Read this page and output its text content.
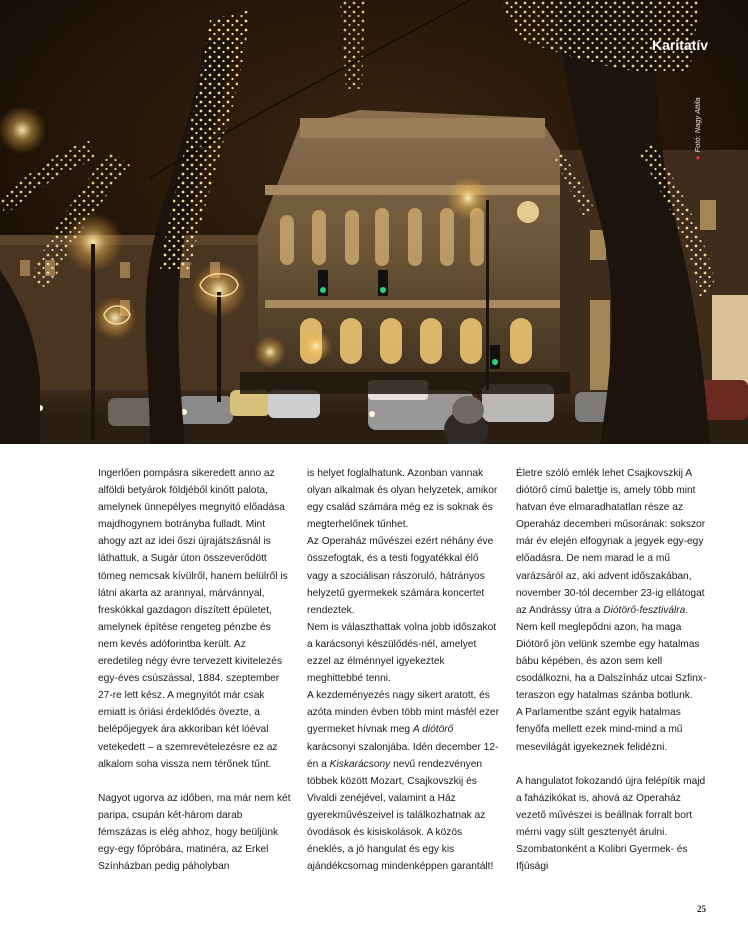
Karitatív
●Fotó: Nagy Attila

Ingerlően pompásra sikeredett anno az alföldi betyárok földjéből kinőtt palota, amelynek ünnepélyes megnyitó előadása majdhogynem botrányba fulladt. Mint ahogy azt az idei őszi újrajátszásnál is láthattuk, a Sugár úton összeverődött tömeg nemcsak kívülről, hanem belülről is látni akarta az arannyal, márvánnyal, freskókkal gazdagon díszített épületet, amelynek építése rengeteg pénzbe és nem kevés adóforintba került. Az eredetileg négy évre tervezett kivitelezés egy-éves csúszással, 1884. szeptember 27-re lett kész. A megnyitót már csak emiatt is óriási érdeklődés övezte, a belépőjegyek ára akkoriban két lóéval vetekedett – a szemrevételezésre ez az alkalom soha vissza nem térőnek tűnt.

Nagyot ugorva az időben, ma már nem két paripa, csupán két-három darab fémszázas is elég ahhoz, hogy beüljünk egy-egy főpróbára, matinéra, az Erkel Színházban pedig páholyban

is helyet foglalhatunk. Azonban vannak olyan alkalmak és olyan helyzetek, amikor egy család számára még ez is soknak és megterhelőnek tűnhet.

Az Operaház művészei ezért néhány éve összefogtak, és a testi fogyatékkal élő vagy a szociálisan rászoruló, hátrányos helyzetű gyermekek számára koncertet rendeztek.

Nem is választhattak volna jobb időszakot a karácsonyi készülődés-nél, amelyet ezzel az élménnyel igyekeztek meghittebbé tenni.

A kezdeményezés nagy sikert aratott, és azóta minden évben több mint másfél ezer gyermeket hívnak meg A diótörő karácsonyi szalonjába. Idén december 12-én a Kiskarácsony nevű rendezvényen többek között Mozart, Csajkovszkij és Vivaldi zenéjével, valamint a Ház gyerekművészeivel is találkozhatnak az óvodások és kisiskolások. A közös éneklés, a jó hangulat és egy kis ajándékcsomag mindenképpen garantált!

Életre szóló emlék lehet Csajkovszkij A diótörő című balettje is, amely több mint hatvan éve elmaradhatatlan része az Operaház decemberi műsorának: sokszor már év elején elfogynak a jegyek egy-egy előadásra. De nem marad le a mű varázsáról az, aki advent időszakában, november 30-tól december 23-ig ellátogat az Andrássy útra a Diótörő-fesztiválra. Nem kell meglepődni azon, ha maga Diótörő jön velünk szembe egy hatalmas bábu képében, és azon sem kell csodálkozni, ha a Dalszínház utcai Szfinx-teraszon egy hatalmas szánba botlunk.

A Parlamentbe szánt egyik hatalmas fenyőfa mellett ezek mind-mind a mű mesevilágát igyekeznek felidézni.

A hangulatot fokozandó újra felépítik majd a faházikókat is, ahová az Operaház vezető művészei is beállnak forralt bort mérni vagy sült gesztenyét árulni. Szombatonként a Kolibri Gyermek- és Ifjúsági

25
